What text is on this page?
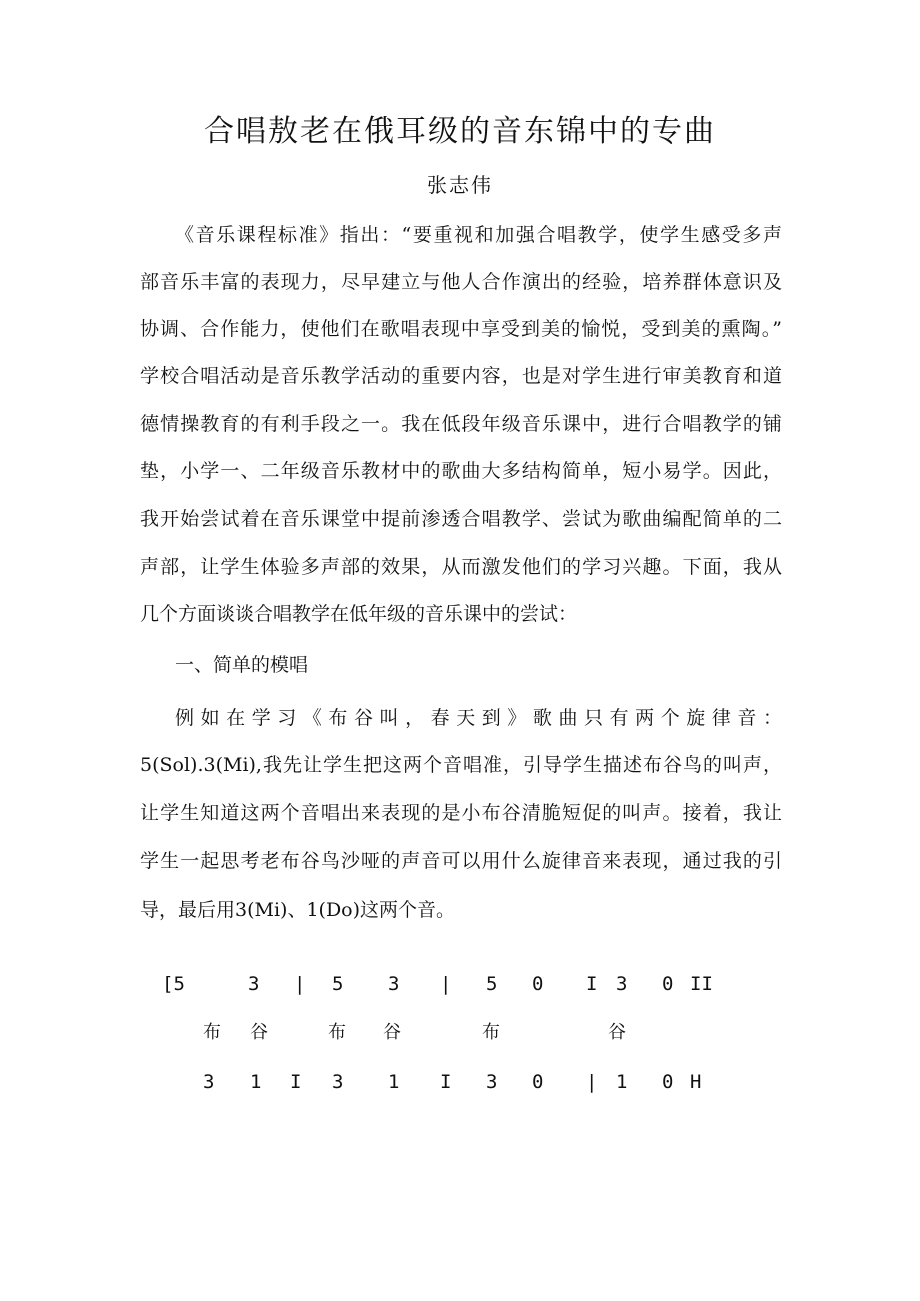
合唱敖老在俄耳级的音东锦中的专曲
张志伟
《音乐课程标准》指出：“要重视和加强合唱教学，使学生感受多声
部音乐丰富的表现力，尽早建立与他人合作演出的经验，培养群体意识及
协调、合作能力，使他们在歌唱表现中享受到美的愉悦，受到美的熏陶。”
学校合唱活动是音乐教学活动的重要内容，也是对学生进行审美教育和道
德情操教育的有利手段之一。我在低段年级音乐课中，进行合唱教学的铺
垫，小学一、二年级音乐教材中的歌曲大多结构简单，短小易学。因此，
我开始尝试着在音乐课堂中提前渗透合唱教学、尝试为歌曲编配简单的二
声部，让学生体验多声部的效果，从而激发他们的学习兴趣。下面，我从
几个方面谈谈合唱教学在低年级的音乐课中的尝试：
一、简单的模唱
例如在学习《布谷叫，春天到》歌曲只有两个旋律音：
5(Sol).3(Mi),我先让学生把这两个音唱准，引导学生描述布谷鸟的叫声，
让学生知道这两个音唱出来表现的是小布谷清脆短促的叫声。接着，我让
学生一起思考老布谷鸟沙哑的声音可以用什么旋律音来表现，通过我的引
导，最后用3(Mi)、1(Do)这两个音。
[5	3 | 5 3 | 5 0 I 3 0 II
布 谷	布 谷	布	谷
3 1 I 3 1 I 3 0 | 1 0 H
